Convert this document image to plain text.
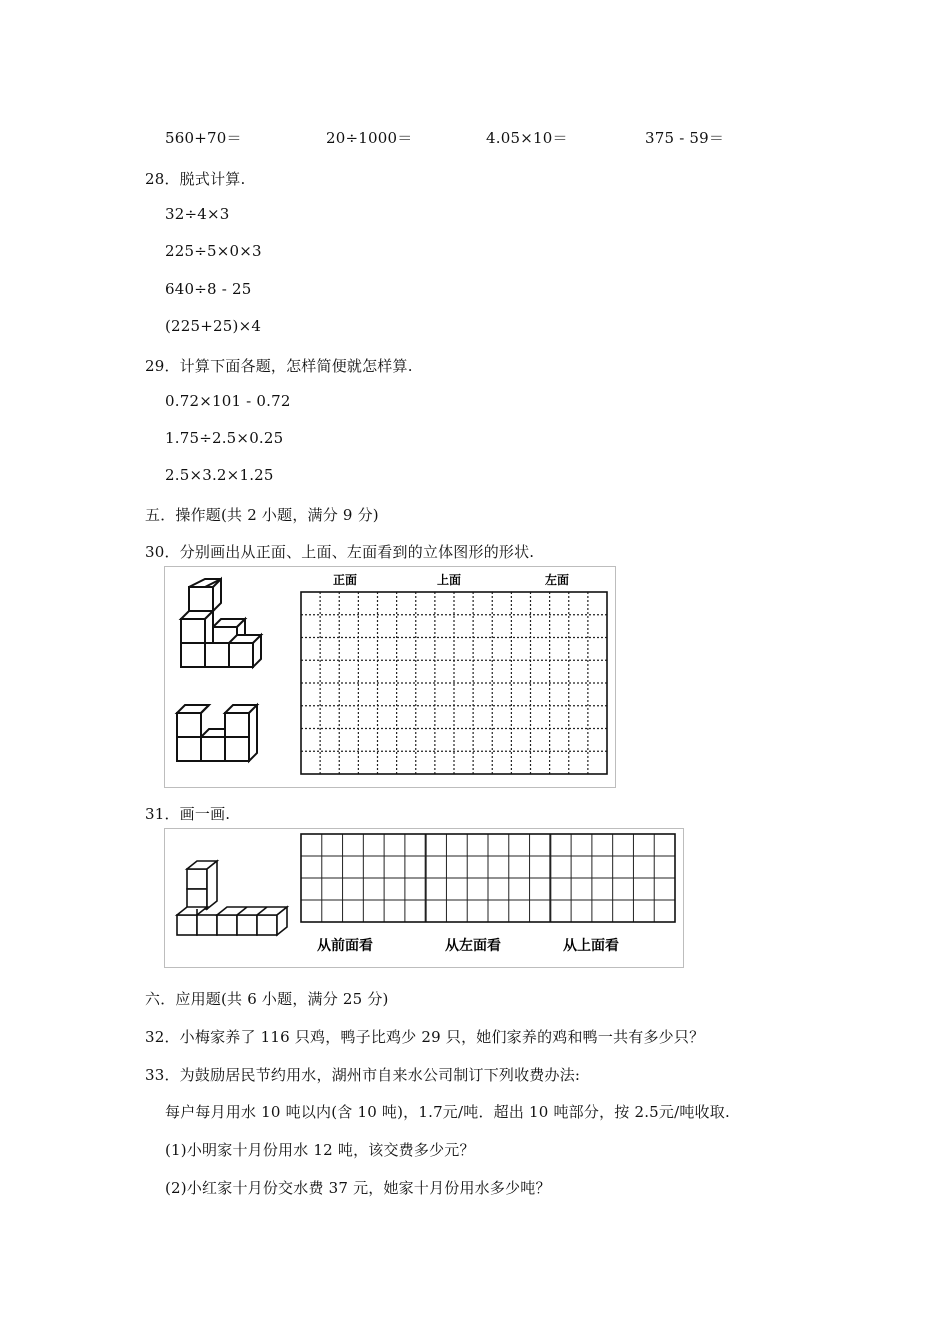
560+70＝	20÷1000＝	4.05×10＝	375 - 59＝
28．脱式计算.
32÷4×3
225÷5×0×3
640÷8 - 25
(225+25)×4
29．计算下面各题，怎样简便就怎样算.
0.72×101 - 0.72
1.75÷2.5×0.25
2.5×3.2×1.25
五．操作题(共 2 小题，满分 9 分)
30．分别画出从正面、上面、左面看到的立体图形的形状.
正面	上面	左面
31．画一画.
从前面看	从左面看	从上面看
六．应用题(共 6 小题，满分 25 分)
32．小梅家养了 116 只鸡，鸭子比鸡少 29 只，她们家养的鸡和鸭一共有多少只？
33．为鼓励居民节约用水，湖州市自来水公司制订下列收费办法:
每户每月用水 10 吨以内(含 10 吨)，1.7元/吨．超出 10 吨部分，按 2.5元/吨收取.
(1)小明家十月份用水 12 吨，该交费多少元？
(2)小红家十月份交水费 37 元，她家十月份用水多少吨？
